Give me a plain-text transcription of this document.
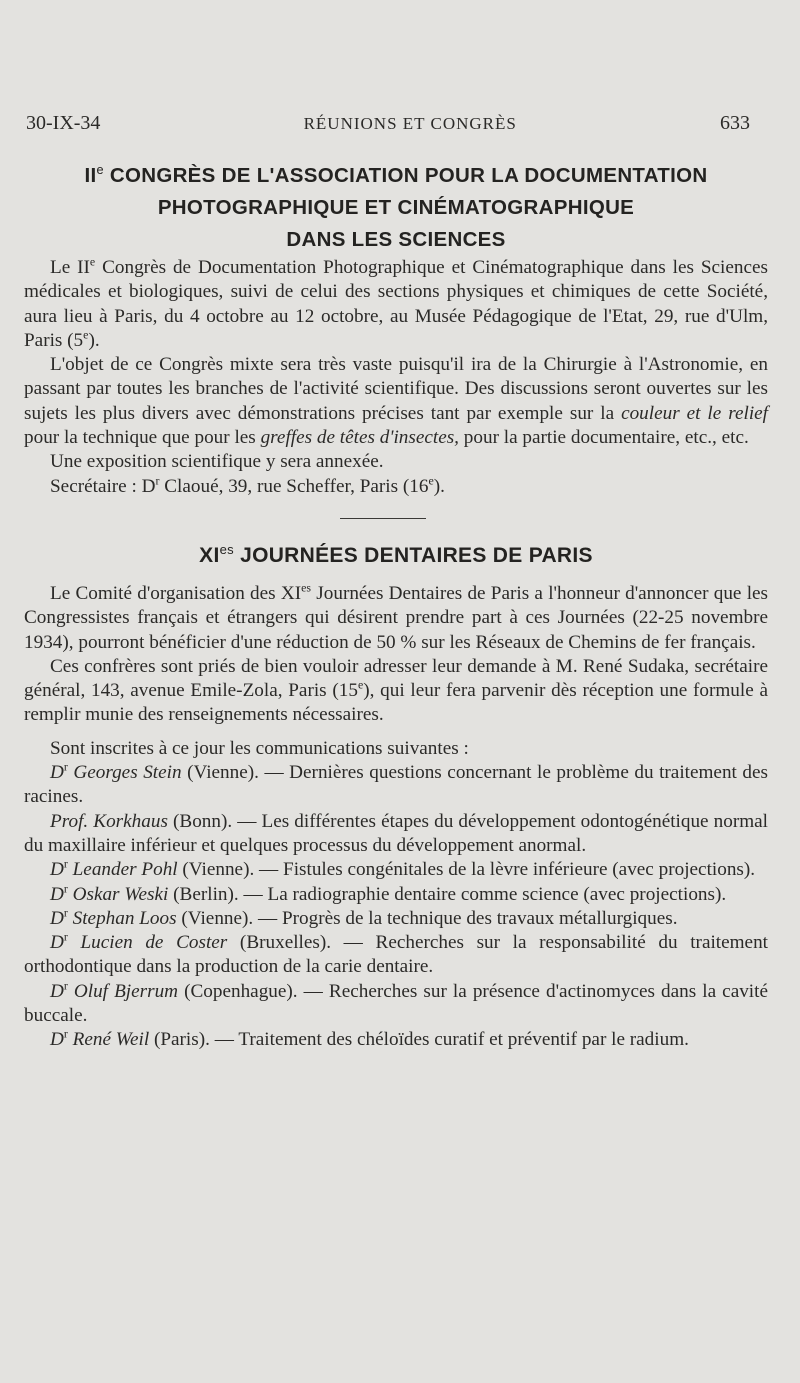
30-IX-34	RÉUNIONS ET CONGRÈS	633
IIe CONGRÈS DE L'ASSOCIATION POUR LA DOCUMENTATION
PHOTOGRAPHIQUE ET CINÉMATOGRAPHIQUE
DANS LES SCIENCES

Le IIe Congrès de Documentation Photographique et Cinématographique dans les Sciences médicales et biologiques, suivi de celui des sections physiques et chimiques de cette Société, aura lieu à Paris, du 4 octobre au 12 octobre, au Musée Pédagogique de l'Etat, 29, rue d'Ulm, Paris (5e).

L'objet de ce Congrès mixte sera très vaste puisqu'il ira de la Chirurgie à l'Astronomie, en passant par toutes les branches de l'activité scientifique. Des discussions seront ouvertes sur les sujets les plus divers avec démonstrations précises tant par exemple sur la couleur et le relief pour la technique que pour les greffes de têtes d'insectes, pour la partie documentaire, etc., etc.

Une exposition scientifique y sera annexée.

Secrétaire : $D^r$ Claoué, 39, rue Scheffer, Paris (16e).

$XI^{es}$ JOURNÉES DENTAIRES DE PARIS

Le Comité d'organisation des $XI^{es}$ Journées Dentaires de Paris a l'honneur d'annoncer que les Congressistes français et étrangers qui désirent prendre part à ces Journées (22-25 novembre 1934), pourront bénéficier d'une réduction de 50 % sur les Réseaux de Chemins de fer français.

Ces confrères sont priés de bien vouloir adresser leur demande à M. René Sudaka, secrétaire général, 143, avenue Emile-Zola, Paris (15e), qui leur fera parvenir dès réception une formule à remplir munie des renseignements nécessaires.

Sont inscrites à ce jour les communications suivantes :

$D^r$ Georges Stein (Vienne). — Dernières questions concernant le problème du traitement des racines.

Prof. Korkhaus (Bonn). — Les différentes étapes du développement odontogénétique normal du maxillaire inférieur et quelques processus du développement anormal.

$D^r$ Leander Pohl (Vienne). — Fistules congénitales de la lèvre inférieure (avec projections).

$D^r$ Oskar Weski (Berlin). — La radiographie dentaire comme science (avec projections).

$D^r$ Stephan Loos (Vienne). — Progrès de la technique des travaux métallurgiques.

$D^r$ Lucien de Coster (Bruxelles). — Recherches sur la responsabilité du traitement orthodontique dans la production de la carie dentaire.

$D^r$ Oluf Bjerrum (Copenhague). — Recherches sur la présence d'actinomyces dans la cavité buccale.

$D^r$ René Weil (Paris). — Traitement des chéloïdes curatif et préventif par le radium.
